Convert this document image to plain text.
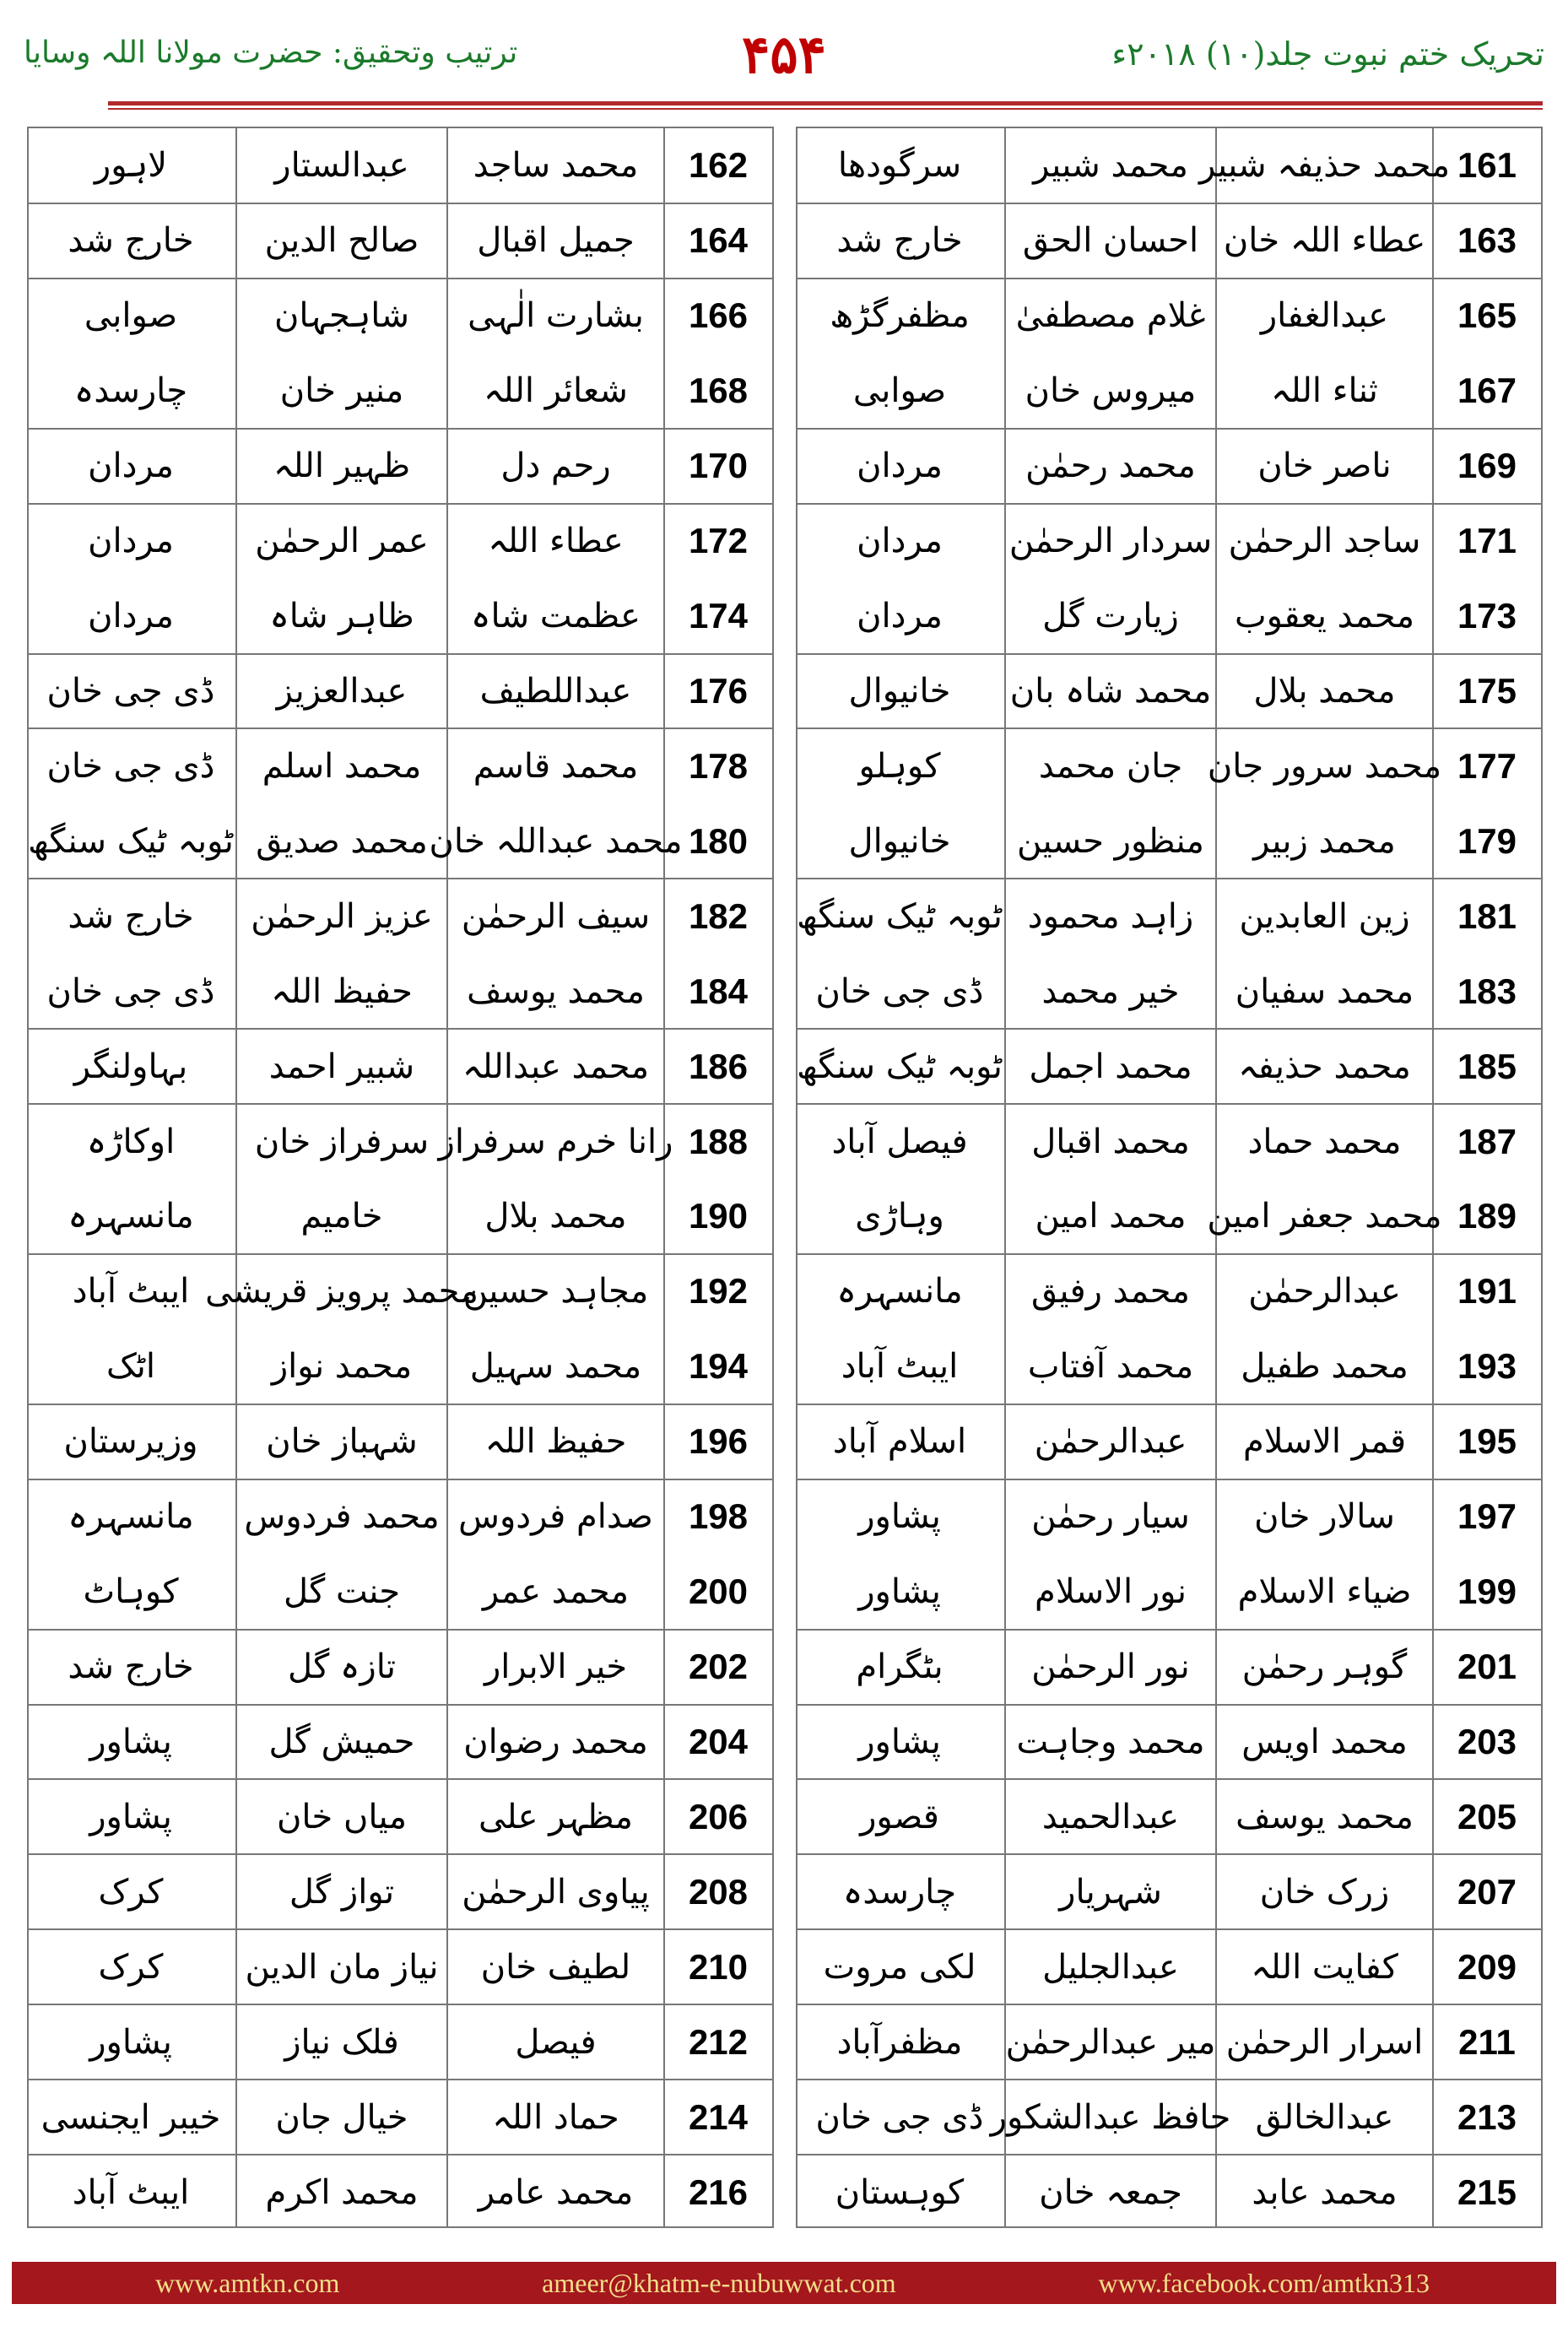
تحریک ختم نبوت جلد(۱۰) ۲۰۱۸ء
۴۵۴
ترتیب وتحقیق: حضرت مولانا اللہ وسایا
161
محمد حذیفہ شبیر
محمد شبیر
سرگودھا
163
عطاء اللہ خان
احسان الحق
خارج شد
165
عبدالغفار
غلام مصطفیٰ
مظفرگڑھ
167
ثناء اللہ
میروس خان
صوابی
169
ناصر خان
محمد رحمٰن
مردان
171
ساجد الرحمٰن
سردار الرحمٰن
مردان
173
محمد یعقوب
زیارت گل
مردان
175
محمد بلال
محمد شاہ بان
خانیوال
177
محمد سرور جان
جان محمد
کوہلو
179
محمد زبیر
منظور حسین
خانیوال
181
زین العابدین
زاہد محمود
ٹوبہ ٹیک سنگھ
183
محمد سفیان
خیر محمد
ڈی جی خان
185
محمد حذیفہ
محمد اجمل
ٹوبہ ٹیک سنگھ
187
محمد حماد
محمد اقبال
فیصل آباد
189
محمد جعفر امین
محمد امین
وہاڑی
191
عبدالرحمٰن
محمد رفیق
مانسہرہ
193
محمد طفیل
محمد آفتاب
ایبٹ آباد
195
قمر الاسلام
عبدالرحمٰن
اسلام آباد
197
سالار خان
سیار رحمٰن
پشاور
199
ضیاء الاسلام
نور الاسلام
پشاور
201
گوہر رحمٰن
نور الرحمٰن
بٹگرام
203
محمد اویس
محمد وجاہت
پشاور
205
محمد یوسف
عبدالحمید
قصور
207
زرک خان
شہریار
چارسدہ
209
کفایت اللہ
عبدالجلیل
لکی مروت
211
اسرار الرحمٰن
میر عبدالرحمٰن
مظفرآباد
213
عبدالخالق
حافظ عبدالشکور
ڈی جی خان
215
محمد عابد
جمعہ خان
کوہستان
162
محمد ساجد
عبدالستار
لاہور
164
جمیل اقبال
صالح الدین
خارج شد
166
بشارت الٰہی
شاہجہان
صوابی
168
شعائر اللہ
منیر خان
چارسدہ
170
رحم دل
ظہیر اللہ
مردان
172
عطاء اللہ
عمر الرحمٰن
مردان
174
عظمت شاہ
ظاہر شاہ
مردان
176
عبداللطیف
عبدالعزیز
ڈی جی خان
178
محمد قاسم
محمد اسلم
ڈی جی خان
180
محمد عبداللہ خان
محمد صدیق
ٹوبہ ٹیک سنگھ
182
سیف الرحمٰن
عزیز الرحمٰن
خارج شد
184
محمد یوسف
حفیظ اللہ
ڈی جی خان
186
محمد عبداللہ
شبیر احمد
بہاولنگر
188
رانا خرم سرفراز
سرفراز خان
اوکاڑہ
190
محمد بلال
خامیم
مانسہرہ
192
مجاہد حسین
محمد پرویز قریشی
ایبٹ آباد
194
محمد سہیل
محمد نواز
اٹک
196
حفیظ اللہ
شہباز خان
وزیرستان
198
صدام فردوس
محمد فردوس
مانسہرہ
200
محمد عمر
جنت گل
کوہاٹ
202
خیر الابرار
تازہ گل
خارج شد
204
محمد رضوان
حمیش گل
پشاور
206
مظہر علی
میاں خان
پشاور
208
پیاوی الرحمٰن
تواز گل
کرک
210
لطیف خان
نیاز مان الدین
کرک
212
فیصل
فلک نیاز
پشاور
214
حماد اللہ
خیال جان
خیبر ایجنسی
216
محمد عامر
محمد اکرم
ایبٹ آباد
www.amtkn.com	ameer@khatm-e-nubuwwat.com	www.facebook.com/amtkn313
